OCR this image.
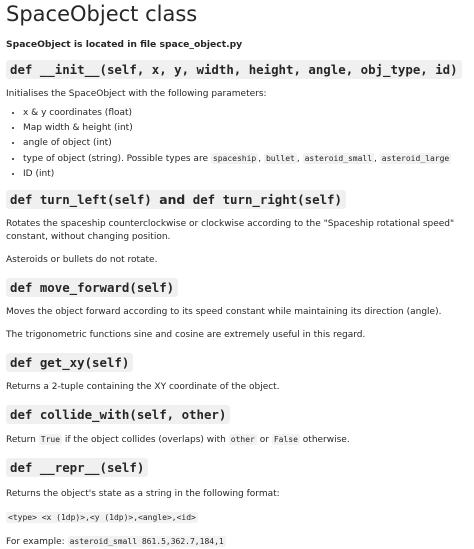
SpaceObject class
SpaceObject is located in file space_object.py
def __init__(self, x, y, width, height, angle, obj_type, id)

Initialises the SpaceObject with the following parameters:

• x & y coordinates (float)
• Map width & height (int)
• angle of object (int)
• type of object (string). Possible types are spaceship , bullet , asteroid_small , asteroid_large
• ID (int)
def turn_left(self) and def turn_right(self)

Rotates the spaceship counterclockwise or clockwise according to the "Spaceship rotational speed" constant, without changing position.

Asteroids or bullets do not rotate.

def move_forward(self)

Moves the object forward according to its speed constant while maintaining its direction (angle).

The trigonometric functions sine and cosine are extremely useful in this regard.

def get_xy(self)

Returns a 2-tuple containing the XY coordinate of the object.

def collide_with(self, other)

Return True if the object collides (overlaps) with other or False otherwise.

def __repr__(self)

Returns the object's state as a string in the following format:

<type> <x (1dp)>,<y (1dp)>,<angle>,<id>

For example: asteroid_small 861.5,362.7,184,1
